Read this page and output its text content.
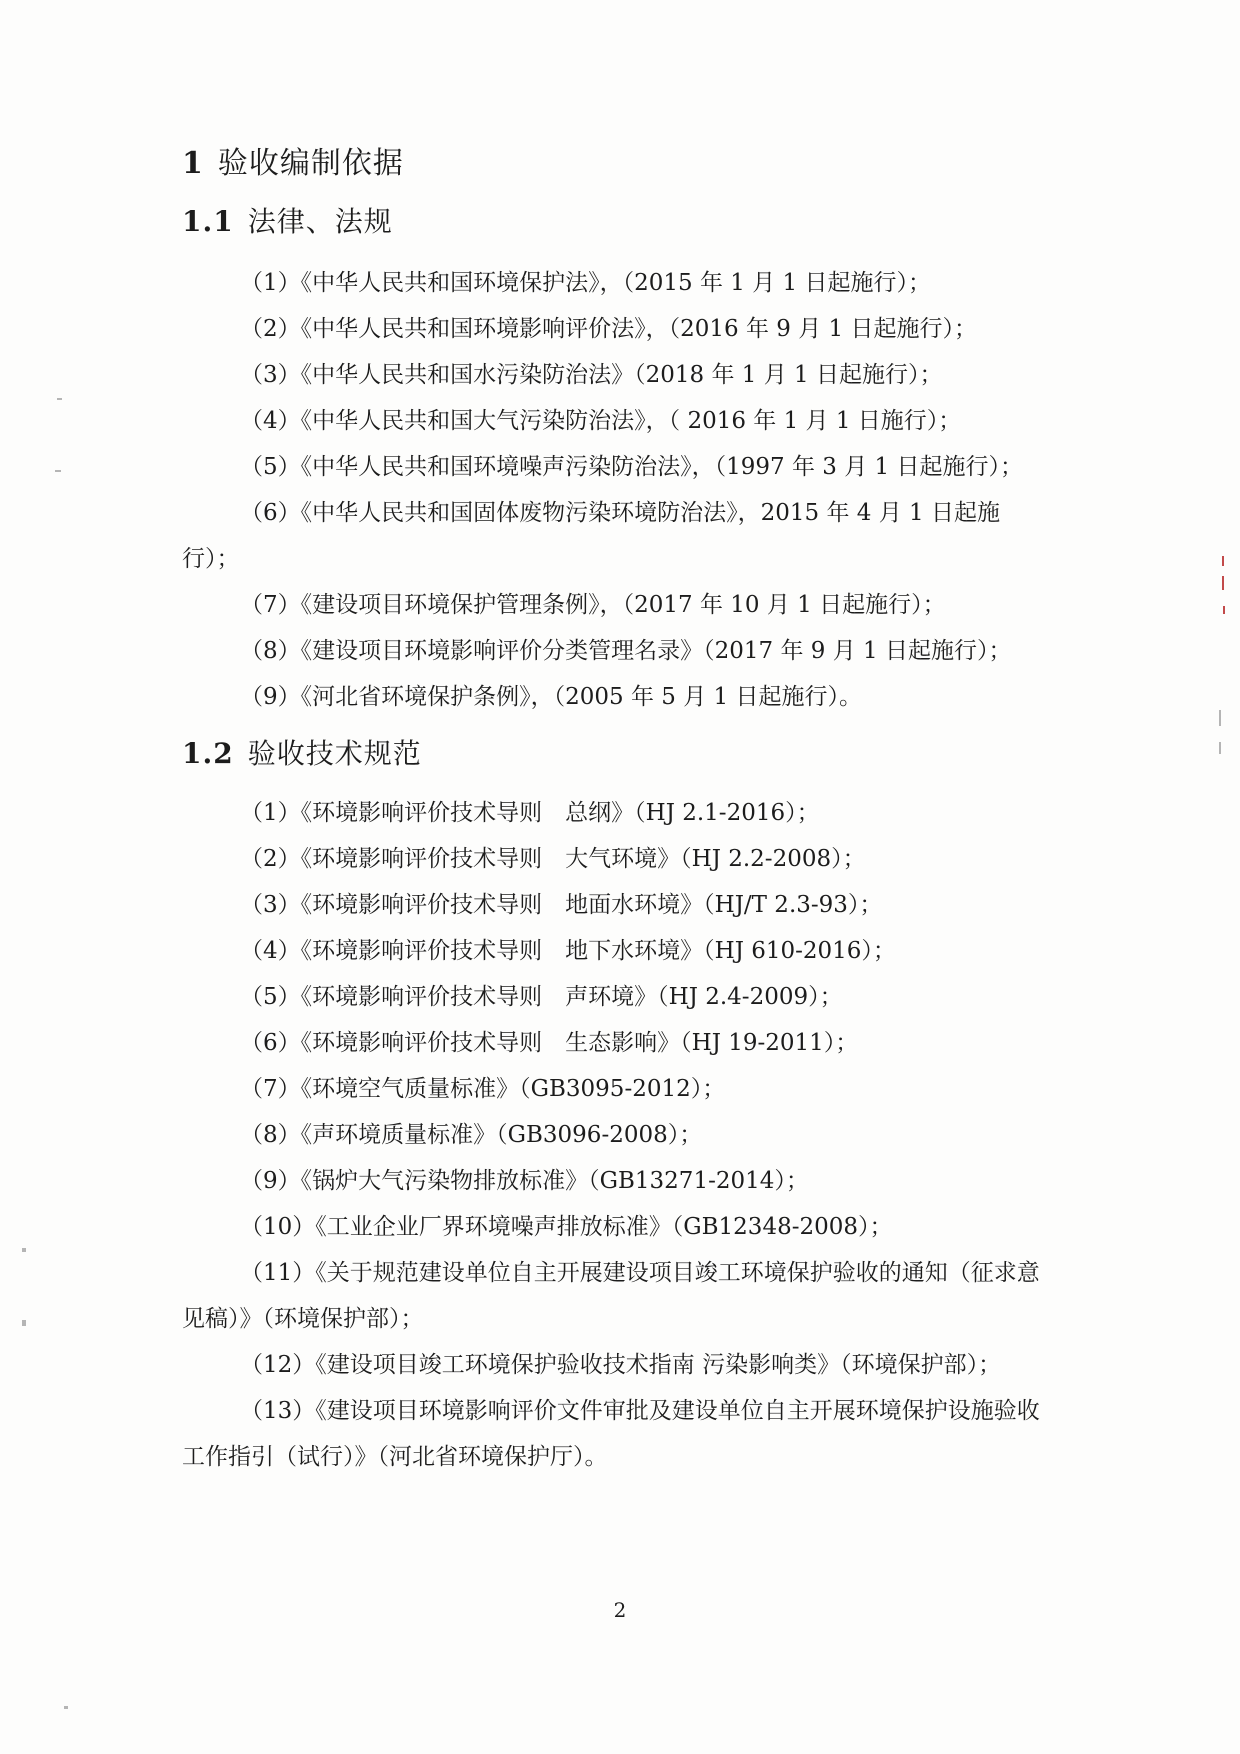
1 验收编制依据
1.1 法律、法规
（1）《中华人民共和国环境保护法》，（2015 年 1 月 1 日起施行）；
（2）《中华人民共和国环境影响评价法》，（2016 年 9 月 1 日起施行）；
（3）《中华人民共和国水污染防治法》（2018 年 1 月 1 日起施行）；
（4）《中华人民共和国大气污染防治法》，（ 2016 年 1 月 1 日施行）；
（5）《中华人民共和国环境噪声污染防治法》，（1997 年 3 月 1 日起施行）；
（6）《中华人民共和国固体废物污染环境防治法》，2015 年 4 月 1 日起施行）；
（7）《建设项目环境保护管理条例》，（2017 年 10 月 1 日起施行）；
（8）《建设项目环境影响评价分类管理名录》（2017 年 9 月 1 日起施行）；
（9）《河北省环境保护条例》，（2005 年 5 月 1 日起施行）。
1.2 验收技术规范
（1）《环境影响评价技术导则　总纲》（HJ 2.1-2016）；
（2）《环境影响评价技术导则　大气环境》（HJ 2.2-2008）；
（3）《环境影响评价技术导则　地面水环境》（HJ/T 2.3-93）；
（4）《环境影响评价技术导则　地下水环境》（HJ 610-2016）；
（5）《环境影响评价技术导则　声环境》（HJ 2.4-2009）；
（6）《环境影响评价技术导则　生态影响》（HJ 19-2011）；
（7）《环境空气质量标准》（GB3095-2012）；
（8）《声环境质量标准》（GB3096-2008）；
（9）《锅炉大气污染物排放标准》（GB13271-2014）；
（10）《工业企业厂界环境噪声排放标准》（GB12348-2008）；
（11）《关于规范建设单位自主开展建设项目竣工环境保护验收的通知（征求意见稿）》（环境保护部）；
（12）《建设项目竣工环境保护验收技术指南 污染影响类》（环境保护部）；
（13）《建设项目环境影响评价文件审批及建设单位自主开展环境保护设施验收工作指引（试行）》（河北省环境保护厅）。
2
